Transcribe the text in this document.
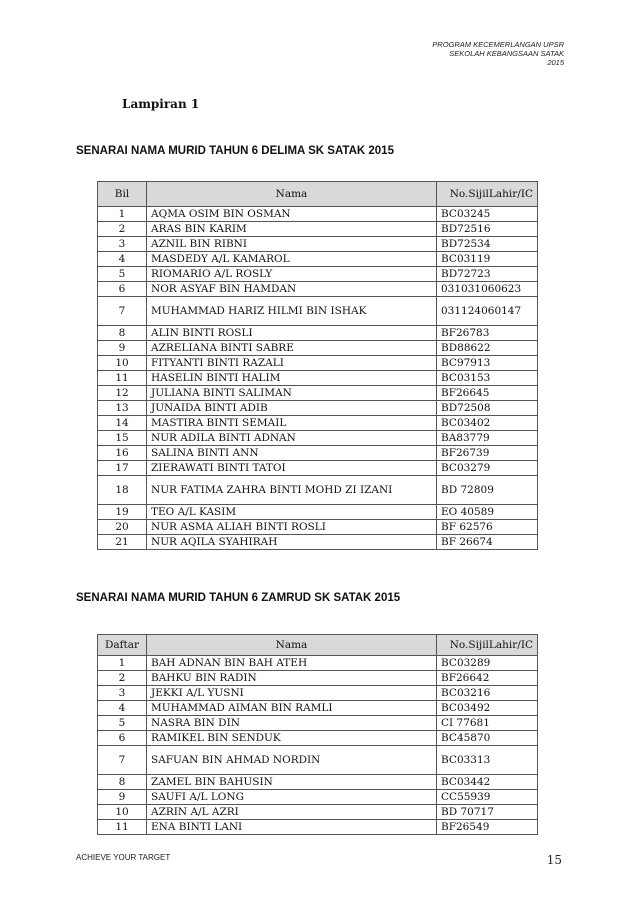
PROGRAM KECEMERLANGAN UPSR
SEKOLAH KEBANGSAAN SATAK
2015
Lampiran 1
SENARAI NAMA MURID TAHUN 6 DELIMA SK SATAK 2015
Bil	Nama	No.SijilLahir/IC
1	AQMA OSIM BIN OSMAN	BC03245
2	ARAS BIN KARIM	BD72516
3	AZNIL BIN RIBNI	BD72534
4	MASDEDY A/L KAMAROL	BC03119
5	RIOMARIO A/L ROSLY	BD72723
6	NOR ASYAF BIN HAMDAN	031031060623
7	MUHAMMAD HARIZ HILMI BIN ISHAK	031124060147
8	ALIN BINTI ROSLI	BF26783
9	AZRELIANA BINTI SABRE	BD88622
10	FITYANTI BINTI RAZALI	BC97913
11	HASELIN BINTI HALIM	BC03153
12	JULIANA BINTI SALIMAN	BF26645
13	JUNAIDA BINTI ADIB	BD72508
14	MASTIRA BINTI SEMAIL	BC03402
15	NUR ADILA BINTI ADNAN	BA83779
16	SALINA BINTI ANN	BF26739
17	ZIERAWATI BINTI TATOI	BC03279
18	NUR FATIMA ZAHRA BINTI MOHD ZI IZANI	BD 72809
19	TEO A/L KASIM	EO 40589
20	NUR ASMA ALIAH BINTI ROSLI	BF 62576
21	NUR AQILA SYAHIRAH	BF 26674
SENARAI NAMA MURID TAHUN 6 ZAMRUD SK SATAK 2015
Daftar	Nama	No.SijilLahir/IC
1	BAH ADNAN BIN BAH ATEH	BC03289
2	BAHKU BIN RADIN	BF26642
3	JEKKI A/L YUSNI	BC03216
4	MUHAMMAD AIMAN BIN RAMLI	BC03492
5	NASRA BIN DIN	CI 77681
6	RAMIKEL BIN SENDUK	BC45870
7	SAFUAN BIN AHMAD NORDIN	BC03313
8	ZAMEL BIN BAHUSIN	BC03442
9	SAUFI A/L LONG	CC55939
10	AZRIN A/L AZRI	BD 70717
11	ENA BINTI LANI	BF26549
ACHIEVE YOUR TARGET	15
